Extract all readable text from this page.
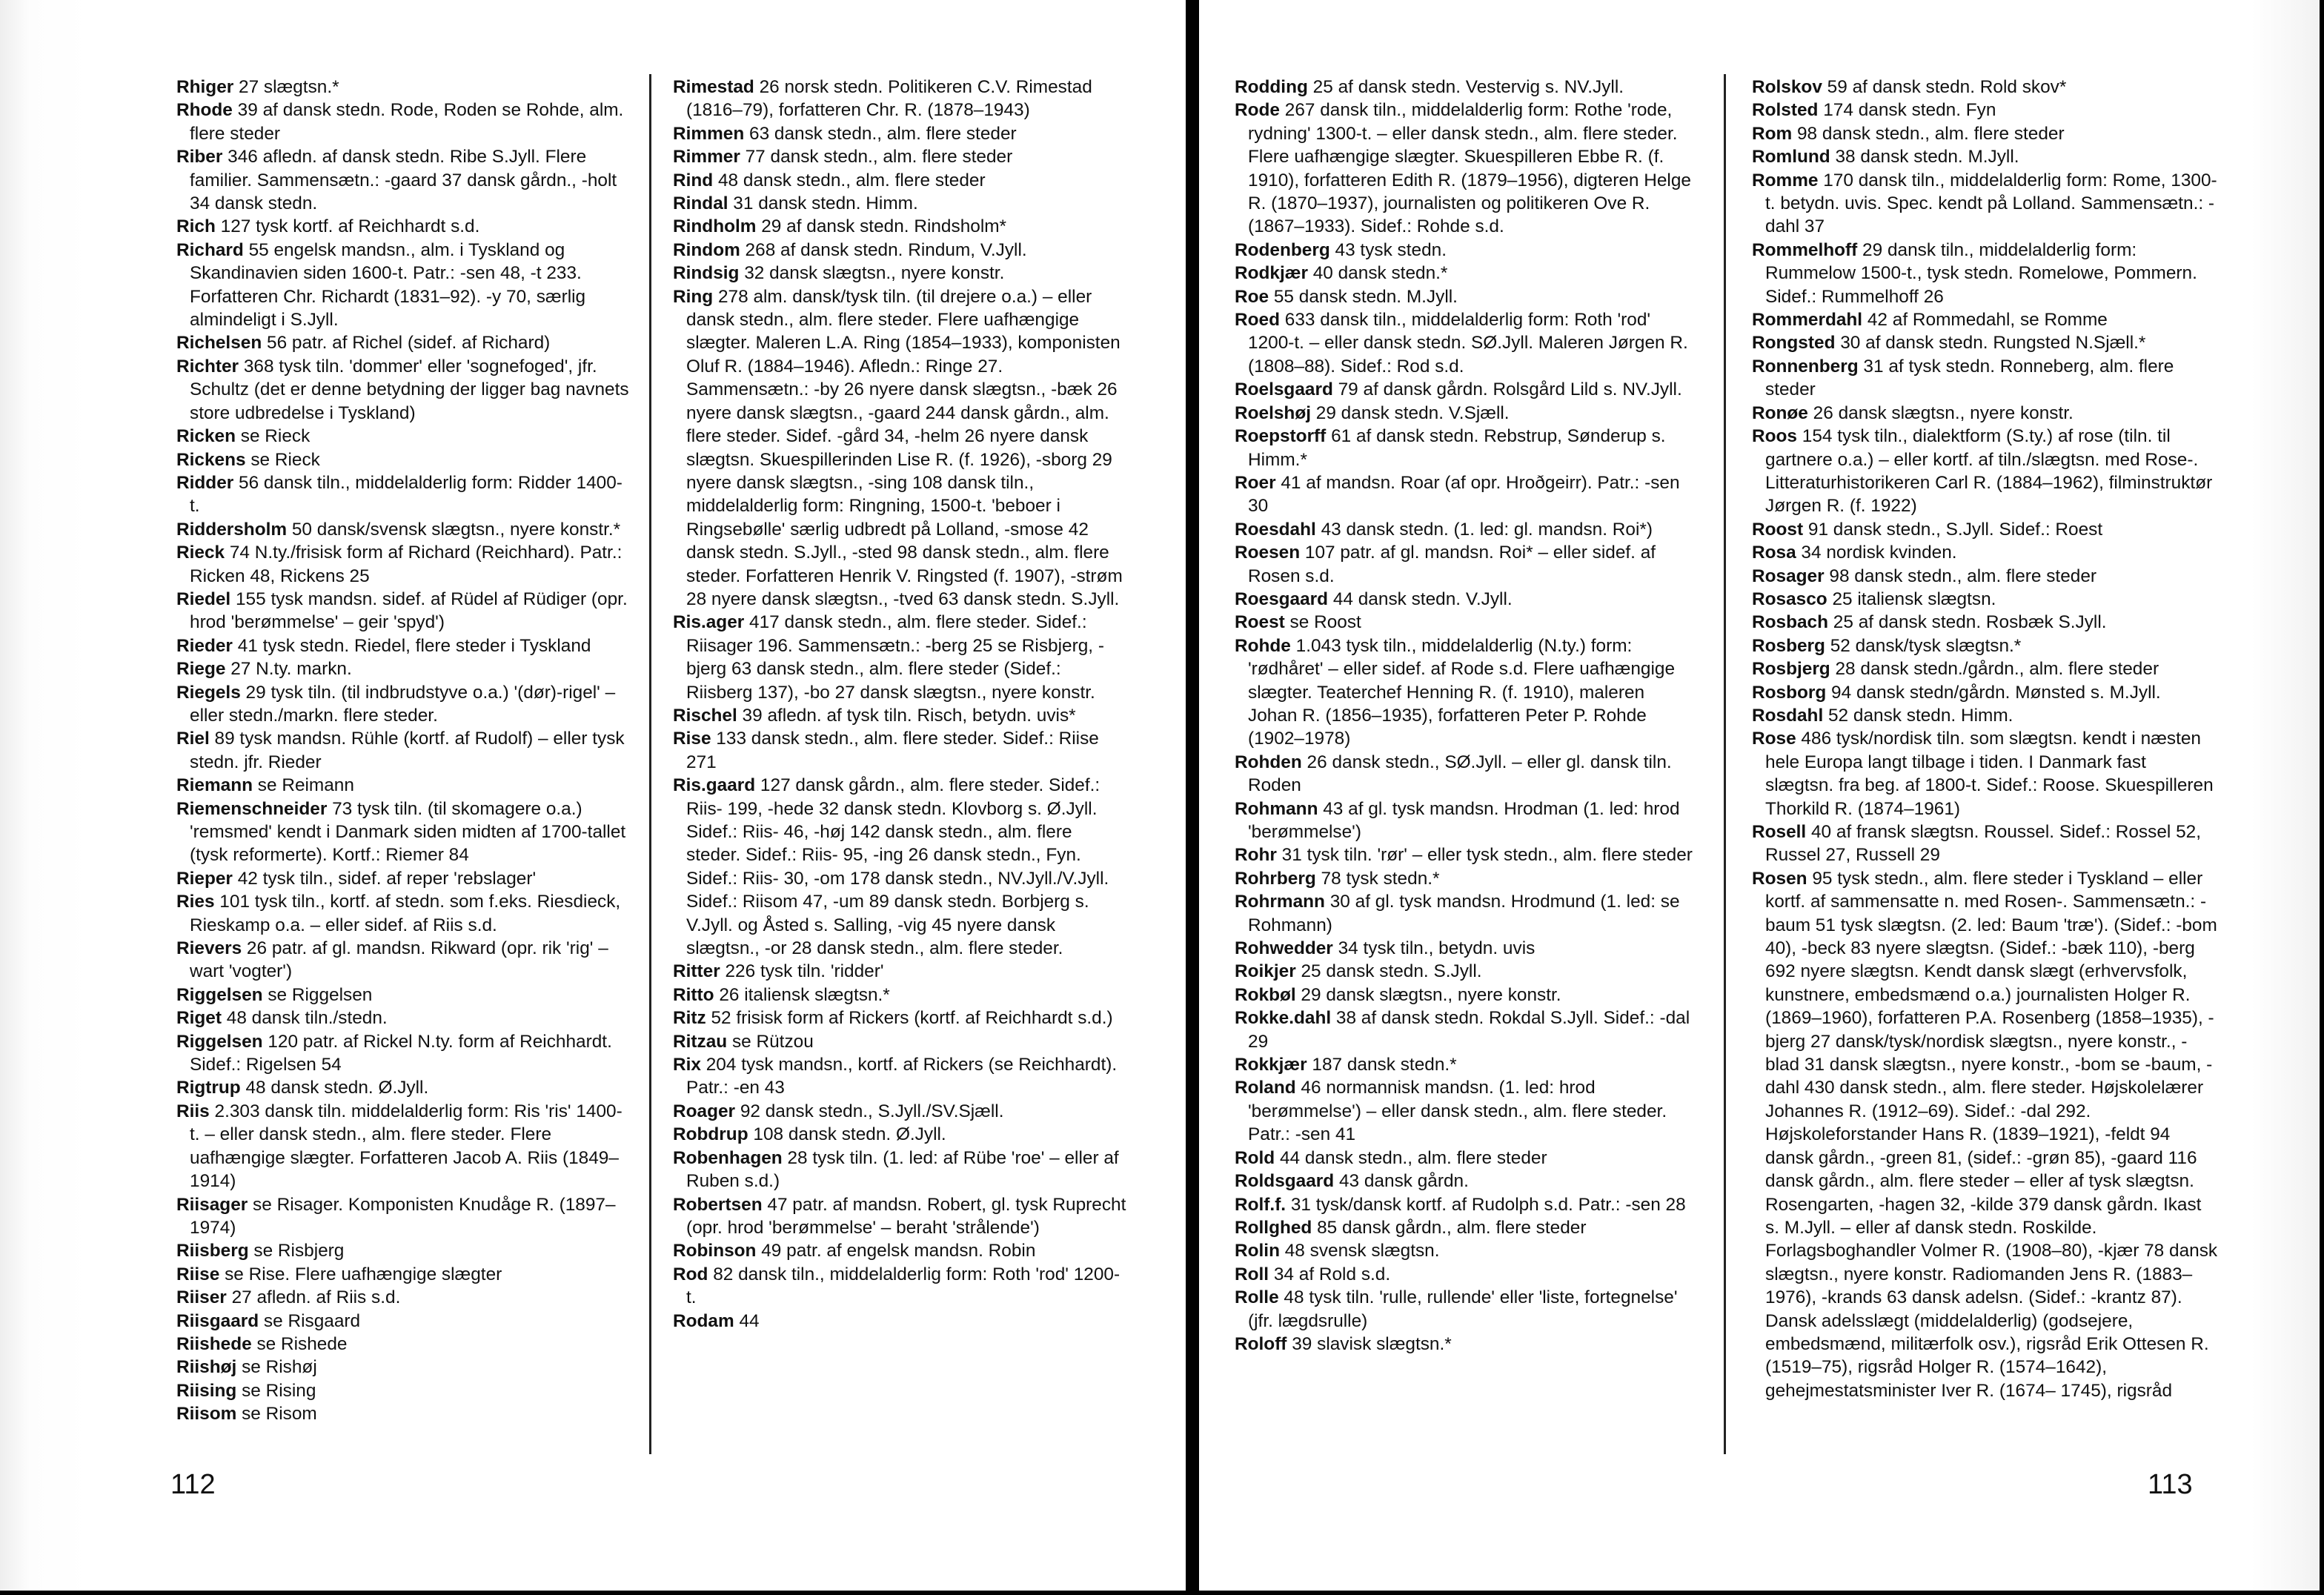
Rhiger 27 slægtsn.*

Rhode 39 af dansk stedn. Rode, Roden se Rohde, alm. flere steder

Riber 346 afledn. af dansk stedn. Ribe S.Jyll. Flere familier. Sammensætn.: -gaard 37 dansk gårdn., -holt 34 dansk stedn.

Rich 127 tysk kortf. af Reichhardt s.d.

Richard 55 engelsk mandsn., alm. i Tyskland og Skandinavien siden 1600-t. Patr.: -sen 48, -t 233. Forfatteren Chr. Richardt (1831–92). -y 70, særlig almindeligt i S.Jyll.

Richelsen 56 patr. af Richel (sidef. af Richard)

Richter 368 tysk tiln. 'dommer' eller 'sognefoged', jfr. Schultz (det er denne betydning der ligger bag navnets store udbredelse i Tyskland)

Ricken se Rieck

Rickens se Rieck

Ridder 56 dansk tiln., middelalderlig form: Ridder 1400-t.

Riddersholm 50 dansk/svensk slægtsn., nyere konstr.*

Rieck 74 N.ty./frisisk form af Richard (Reichhard). Patr.: Ricken 48, Rickens 25

Riedel 155 tysk mandsn. sidef. af Rüdel af Rüdiger (opr. hrod 'berømmelse' – geir 'spyd')

Rieder 41 tysk stedn. Riedel, flere steder i Tyskland

Riege 27 N.ty. markn.

Riegels 29 tysk tiln. (til indbrudstyve o.a.) '(dør)-rigel' – eller stedn./markn. flere steder.

Riel 89 tysk mandsn. Rühle (kortf. af Rudolf) – eller tysk stedn. jfr. Rieder

Riemann se Reimann

Riemenschneider 73 tysk tiln. (til skomagere o.a.) 'remsmed' kendt i Danmark siden midten af 1700-tallet (tysk reformerte). Kortf.: Riemer 84

Rieper 42 tysk tiln., sidef. af reper 'rebslager'

Ries 101 tysk tiln., kortf. af stedn. som f.eks. Riesdieck, Rieskamp o.a. – eller sidef. af Riis s.d.

Rievers 26 patr. af gl. mandsn. Rikward (opr. rik 'rig' – wart 'vogter')

Riggelsen se Riggelsen

Riget 48 dansk tiln./stedn.

Riggelsen 120 patr. af Rickel N.ty. form af Reichhardt. Sidef.: Rigelsen 54

Rigtrup 48 dansk stedn. Ø.Jyll.

Riis 2.303 dansk tiln. middelalderlig form: Ris 'ris' 1400-t. – eller dansk stedn., alm. flere steder. Flere uafhængige slægter. Forfatteren Jacob A. Riis (1849–1914)

Riisager se Risager. Komponisten Knudåge R. (1897–1974)

Riisberg se Risbjerg

Riise se Rise. Flere uafhængige slægter

Riiser 27 afledn. af Riis s.d.

Riisgaard se Risgaard

Riishede se Rishede

Riishøj se Rishøj

Riising se Rising

Riisom se Risom

Rimestad 26 norsk stedn. Politikeren C.V. Rimestad (1816–79), forfatteren Chr. R. (1878–1943)

Rimmen 63 dansk stedn., alm. flere steder

Rimmer 77 dansk stedn., alm. flere steder

Rind 48 dansk stedn., alm. flere steder

Rindal 31 dansk stedn. Himm.

Rindholm 29 af dansk stedn. Rindsholm*

Rindom 268 af dansk stedn. Rindum, V.Jyll.

Rindsig 32 dansk slægtsn., nyere konstr.

Ring 278 alm. dansk/tysk tiln. (til drejere o.a.) – eller dansk stedn., alm. flere steder. Flere uafhængige slægter. Maleren L.A. Ring (1854–1933), komponisten Oluf R. (1884–1946). Afledn.: Ringe 27. Sammensætn.: -by 26 nyere dansk slægtsn., -bæk 26 nyere dansk slægtsn., -gaard 244 dansk gårdn., alm. flere steder. Sidef. -gård 34, -helm 26 nyere dansk slægtsn. Skuespillerinden Lise R. (f. 1926), -sborg 29 nyere dansk slægtsn., -sing 108 dansk tiln., middelalderlig form: Ringning, 1500-t. 'beboer i Ringsebølle' særlig udbredt på Lolland, -smose 42 dansk stedn. S.Jyll., -sted 98 dansk stedn., alm. flere steder. Forfatteren Henrik V. Ringsted (f. 1907), -strøm 28 nyere dansk slægtsn., -tved 63 dansk stedn. S.Jyll.

Ris.ager 417 dansk stedn., alm. flere steder. Sidef.: Riisager 196. Sammensætn.: -berg 25 se Risbjerg, -bjerg 63 dansk stedn., alm. flere steder (Sidef.: Riisberg 137), -bo 27 dansk slægtsn., nyere konstr.

Rischel 39 afledn. af tysk tiln. Risch, betydn. uvis*

Rise 133 dansk stedn., alm. flere steder. Sidef.: Riise 271

Ris.gaard 127 dansk gårdn., alm. flere steder. Sidef.: Riis- 199, -hede 32 dansk stedn. Klovborg s. Ø.Jyll. Sidef.: Riis- 46, -høj 142 dansk stedn., alm. flere steder. Sidef.: Riis- 95, -ing 26 dansk stedn., Fyn. Sidef.: Riis- 30, -om 178 dansk stedn., NV.Jyll./V.Jyll. Sidef.: Riisom 47, -um 89 dansk stedn. Borbjerg s. V.Jyll. og Åsted s. Salling, -vig 45 nyere dansk slægtsn., -or 28 dansk stedn., alm. flere steder.

Ritter 226 tysk tiln. 'ridder'

Ritto 26 italiensk slægtsn.*

Ritz 52 frisisk form af Rickers (kortf. af Reichhardt s.d.)

Ritzau se Rützou

Rix 204 tysk mandsn., kortf. af Rickers (se Reichhardt). Patr.: -en 43

Roager 92 dansk stedn., S.Jyll./SV.Sjæll.

Robdrup 108 dansk stedn. Ø.Jyll.

Robenhagen 28 tysk tiln. (1. led: af Rübe 'roe' – eller af Ruben s.d.)

Robertsen 47 patr. af mandsn. Robert, gl. tysk Ruprecht (opr. hrod 'berømmelse' – beraht 'strålende')

Robinson 49 patr. af engelsk mandsn. Robin

Rod 82 dansk tiln., middelalderlig form: Roth 'rod' 1200-t.

Rodam 44

112

Rodding 25 af dansk stedn. Vestervig s. NV.Jyll.

Rode 267 dansk tiln., middelalderlig form: Rothe 'rode, rydning' 1300-t. – eller dansk stedn., alm. flere steder. Flere uafhængige slægter. Skuespilleren Ebbe R. (f. 1910), forfatteren Edith R. (1879–1956), digteren Helge R. (1870–1937), journalisten og politikeren Ove R. (1867–1933). Sidef.: Rohde s.d.

Rodenberg 43 tysk stedn.

Rodkjær 40 dansk stedn.*

Roe 55 dansk stedn. M.Jyll.

Roed 633 dansk tiln., middelalderlig form: Roth 'rod' 1200-t. – eller dansk stedn. SØ.Jyll. Maleren Jørgen R. (1808–88). Sidef.: Rod s.d.

Roelsgaard 79 af dansk gårdn. Rolsgård Lild s. NV.Jyll.

Roelshøj 29 dansk stedn. V.Sjæll.

Roepstorff 61 af dansk stedn. Rebstrup, Sønderup s. Himm.*

Roer 41 af mandsn. Roar (af opr. Hroðgeirr). Patr.: -sen 30

Roesdahl 43 dansk stedn. (1. led: gl. mandsn. Roi*)

Roesen 107 patr. af gl. mandsn. Roi* – eller sidef. af Rosen s.d.

Roesgaard 44 dansk stedn. V.Jyll.

Roest se Roost

Rohde 1.043 tysk tiln., middelalderlig (N.ty.) form: 'rødhåret' – eller sidef. af Rode s.d. Flere uafhængige slægter. Teaterchef Henning R. (f. 1910), maleren Johan R. (1856–1935), forfatteren Peter P. Rohde (1902–1978)

Rohden 26 dansk stedn., SØ.Jyll. – eller gl. dansk tiln. Roden

Rohmann 43 af gl. tysk mandsn. Hrodman (1. led: hrod 'berømmelse')

Rohr 31 tysk tiln. 'rør' – eller tysk stedn., alm. flere steder

Rohrberg 78 tysk stedn.*

Rohrmann 30 af gl. tysk mandsn. Hrodmund (1. led: se Rohmann)

Rohwedder 34 tysk tiln., betydn. uvis

Roikjer 25 dansk stedn. S.Jyll.

Rokbøl 29 dansk slægtsn., nyere konstr.

Rokke.dahl 38 af dansk stedn. Rokdal S.Jyll. Sidef.: -dal 29

Rokkjær 187 dansk stedn.*

Roland 46 normannisk mandsn. (1. led: hrod 'berømmelse') – eller dansk stedn., alm. flere steder. Patr.: -sen 41

Rold 44 dansk stedn., alm. flere steder

Roldsgaard 43 dansk gårdn.

Rolf.f. 31 tysk/dansk kortf. af Rudolph s.d. Patr.: -sen 28

Rollghed 85 dansk gårdn., alm. flere steder

Rolin 48 svensk slægtsn.

Roll 34 af Rold s.d.

Rolle 48 tysk tiln. 'rulle, rullende' eller 'liste, fortegnelse' (jfr. lægdsrulle)

Roloff 39 slavisk slægtsn.*

Rolskov 59 af dansk stedn. Rold skov*

Rolsted 174 dansk stedn. Fyn

Rom 98 dansk stedn., alm. flere steder

Romlund 38 dansk stedn. M.Jyll.

Romme 170 dansk tiln., middelalderlig form: Rome, 1300-t. betydn. uvis. Spec. kendt på Lolland. Sammensætn.: -dahl 37

Rommelhoff 29 dansk tiln., middelalderlig form: Rummelow 1500-t., tysk stedn. Romelowe, Pommern. Sidef.: Rummelhoff 26

Rommerdahl 42 af Rommedahl, se Romme

Rongsted 30 af dansk stedn. Rungsted N.Sjæll.*

Ronnenberg 31 af tysk stedn. Ronneberg, alm. flere steder

Ronøe 26 dansk slægtsn., nyere konstr.

Roos 154 tysk tiln., dialektform (S.ty.) af rose (tiln. til gartnere o.a.) – eller kortf. af tiln./slægtsn. med Rose-. Litteraturhistorikeren Carl R. (1884–1962), filminstruktør Jørgen R. (f. 1922)

Roost 91 dansk stedn., S.Jyll. Sidef.: Roest

Rosa 34 nordisk kvinden.

Rosager 98 dansk stedn., alm. flere steder

Rosasco 25 italiensk slægtsn.

Rosbach 25 af dansk stedn. Rosbæk S.Jyll.

Rosberg 52 dansk/tysk slægtsn.*

Rosbjerg 28 dansk stedn./gårdn., alm. flere steder

Rosborg 94 dansk stedn/gårdn. Mønsted s. M.Jyll.

Rosdahl 52 dansk stedn. Himm.

Rose 486 tysk/nordisk tiln. som slægtsn. kendt i næsten hele Europa langt tilbage i tiden. I Danmark fast slægtsn. fra beg. af 1800-t. Sidef.: Roose. Skuespilleren Thorkild R. (1874–1961)

Rosell 40 af fransk slægtsn. Roussel. Sidef.: Rossel 52, Russel 27, Russell 29

Rosen 95 tysk stedn., alm. flere steder i Tyskland – eller kortf. af sammensatte n. med Rosen-. Sammensætn.: -baum 51 tysk slægtsn. (2. led: Baum 'træ'). (Sidef.: -bom 40), -beck 83 nyere slægtsn. (Sidef.: -bæk 110), -berg 692 nyere slægtsn. Kendt dansk slægt (erhvervsfolk, kunstnere, embedsmænd o.a.) journalisten Holger R. (1869–1960), forfatteren P.A. Rosenberg (1858–1935), -bjerg 27 dansk/tysk/nordisk slægtsn., nyere konstr., -blad 31 dansk slægtsn., nyere konstr., -bom se -baum, -dahl 430 dansk stedn., alm. flere steder. Højskolelærer Johannes R. (1912–69). Sidef.: -dal 292. Højskoleforstander Hans R. (1839–1921), -feldt 94 dansk gårdn., -green 81, (sidef.: -grøn 85), -gaard 116 dansk gårdn., alm. flere steder – eller af tysk slægtsn. Rosengarten, -hagen 32, -kilde 379 dansk gårdn. Ikast s. M.Jyll. – eller af dansk stedn. Roskilde. Forlagsboghandler Volmer R. (1908–80), -kjær 78 dansk slægtsn., nyere konstr. Radiomanden Jens R. (1883–1976), -krands 63 dansk adelsn. (Sidef.: -krantz 87). Dansk adelsslægt (middelalderlig) (godsejere, embedsmænd, militærfolk osv.), rigsråd Erik Ottesen R. (1519–75), rigsråd Holger R. (1574–1642), gehejmestatsminister Iver R. (1674– 1745), rigsråd

113
